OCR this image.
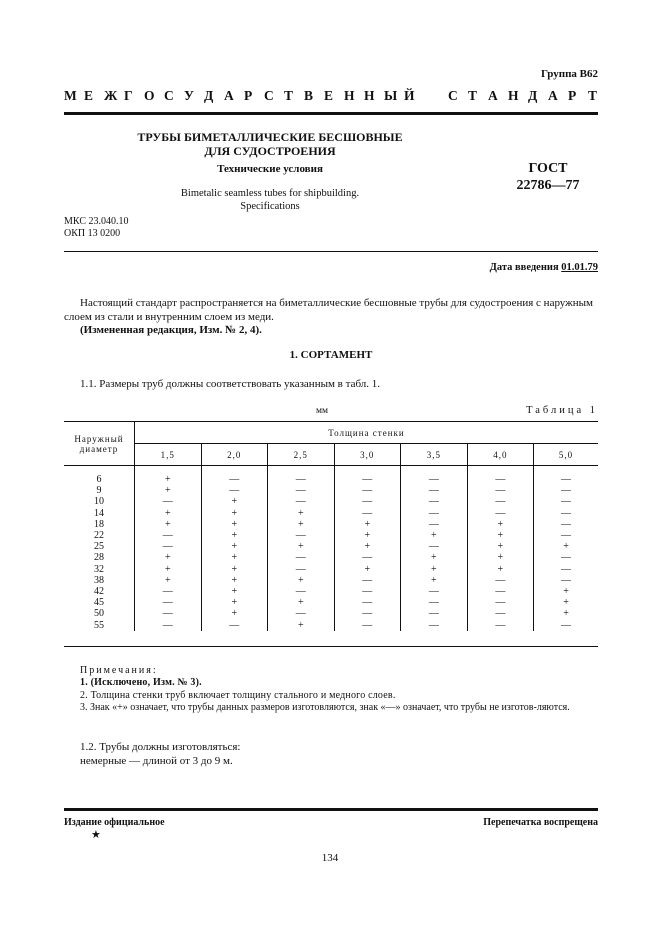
Группа В62
М Е Ж Г О С У Д А Р С Т В Е Н Н Ы Й С Т А Н Д А Р Т
ТРУБЫ БИМЕТАЛЛИЧЕСКИЕ БЕСШОВНЫЕ
ДЛЯ СУДОСТРОЕНИЯ
Технические условия
Bimetalic seamless tubes for shipbuilding.
Specifications
ГОСТ
22786—77
МКС 23.040.10
ОКП 13 0200
Дата введения 01.01.79
Настоящий стандарт распространяется на биметаллические бесшовные трубы для судостроения с наружным слоем из стали и внутренним слоем из меди.
(Измененная редакция, Изм. № 2, 4).
1. СОРТАМЕНТ
1.1. Размеры труб должны соответствовать указанным в табл. 1.
мм	Таблица 1
Наружный
диаметр	Толщина стенки						
	1,5	2,0	2,5	3,0	3,5	4,0	5,0
6	+	—	—	—	—	—	—
9	+	—	—	—	—	—	—
10	—	+	—	—	—	—	—
14	+	+	+	—	—	—	—
18	+	+	+	+	—	+	—
22	—	+	—	+	+	+	—
25	—	+	+	+	—	+	+
28	+	+	—	—	+	+	—
32	+	+	—	+	+	+	—
38	+	+	+	—	+	—	—
42	—	+	—	—	—	—	+
45	—	+	+	—	—	—	+
50	—	+	—	—	—	—	+
55	—	—	+	—	—	—	—
Примечания:
1. (Исключено, Изм. № 3).
2. Толщина стенки труб включает толщину стального и медного слоев.
3. Знак «+» означает, что трубы данных размеров изготовляются, знак «—» означает, что трубы не изготов-ляются.
1.2. Трубы должны изготовляться:
немерные — длиной от 3 до 9 м.
Издание официальное
★
Перепечатка воспрещена
134
